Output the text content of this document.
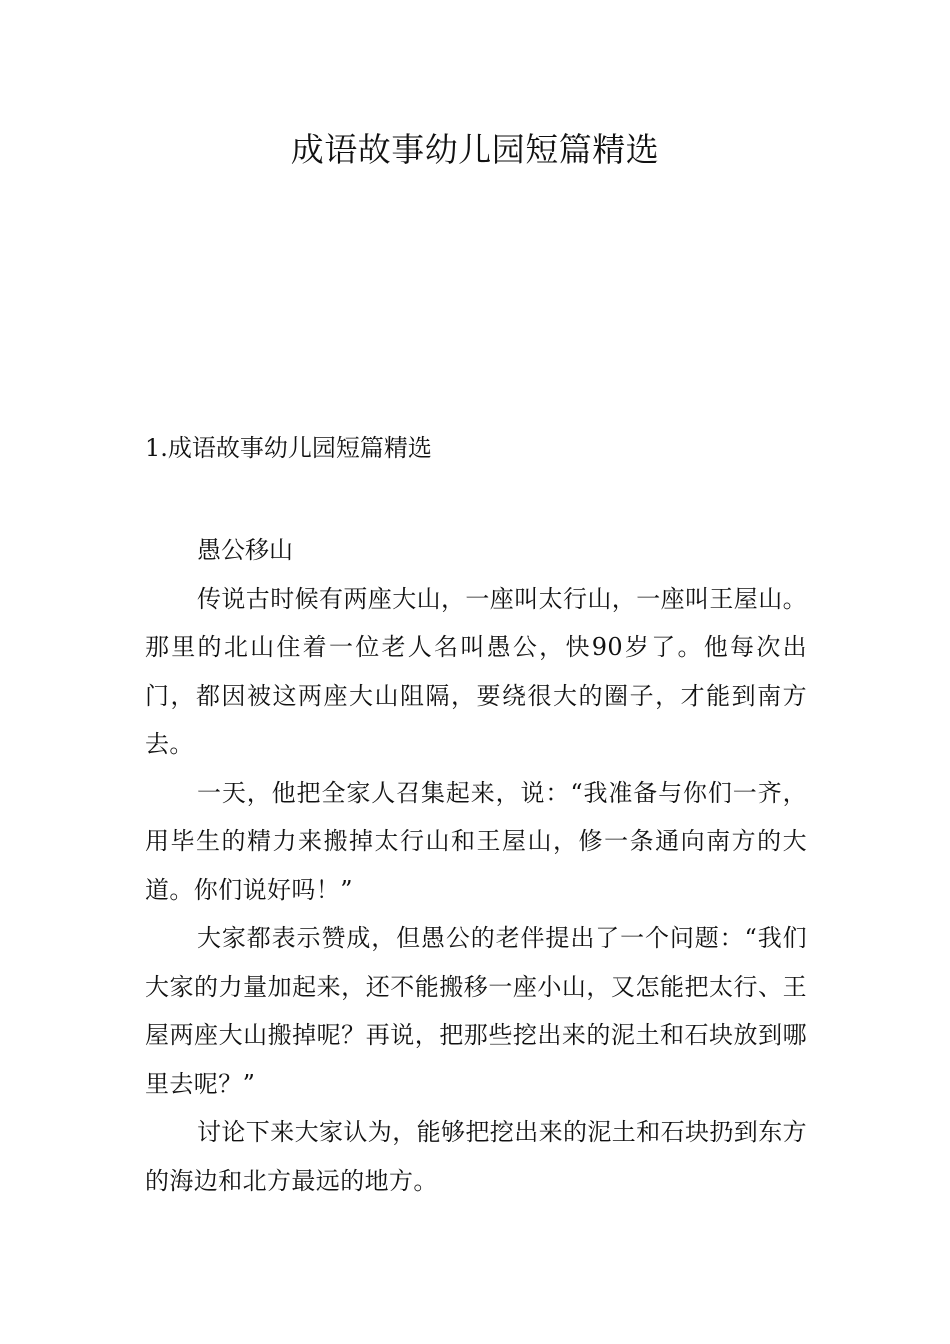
成语故事幼儿园短篇精选
1.成语故事幼儿园短篇精选

愚公移山

传说古时候有两座大山，一座叫太行山，一座叫王屋山。那里的北山住着一位老人名叫愚公，快90岁了。他每次出门，都因被这两座大山阻隔，要绕很大的圈子，才能到南方去。

一天，他把全家人召集起来，说：“我准备与你们一齐，用毕生的精力来搬掉太行山和王屋山，修一条通向南方的大道。你们说好吗！”

大家都表示赞成，但愚公的老伴提出了一个问题：“我们大家的力量加起来，还不能搬移一座小山，又怎能把太行、王屋两座大山搬掉呢？再说，把那些挖出来的泥土和石块放到哪里去呢？”

讨论下来大家认为，能够把挖出来的泥土和石块扔到东方的海边和北方最远的地方。
